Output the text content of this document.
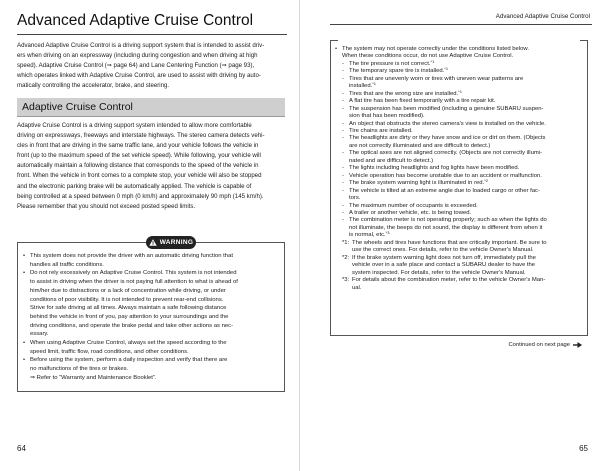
Advanced Adaptive Cruise Control

Advanced Adaptive Cruise Control is a driving support system that is intended to assist driv-
ers when driving on an expressway (including during congestion and when driving at high
speed). Adaptive Cruise Control (⇒ page 64) and Lane Centering Function (⇒ page 93),
which operates linked with Adaptive Cruise Control, are used to assist with driving by auto-
matically controlling the accelerator, brake, and steering.

Adaptive Cruise Control

Adaptive Cruise Control is a driving support system intended to allow more comfortable
driving on expressways, freeways and interstate highways. The stereo camera detects vehi-
cles in front that are driving in the same traffic lane, and your vehicle follows the vehicle in
front (up to the maximum speed of the set vehicle speed). While following, your vehicle will
automatically maintain a following distance that corresponds to the speed of the vehicle in
front. When the vehicle in front comes to a complete stop, your vehicle will also be stopped
and the electronic parking brake will be automatically applied. The vehicle is capable of
being controlled at a speed between 0 mph (0 km/h) and approximately 90 mph (145 km/h).
Please remember that you should not exceed posted speed limits.

WARNING
• This system does not provide the driver with an automatic driving function that
handles all traffic conditions.
• Do not rely excessively on Adaptive Cruise Control. This system is not intended
to assist in driving when the driver is not paying full attention to what is ahead of
him/her due to distractions or a lack of concentration while driving, or under
conditions of poor visibility. It is not intended to prevent rear-end collisions.
Strive for safe driving at all times. Always maintain a safe following distance
behind the vehicle in front of you, pay attention to your surroundings and the
driving conditions, and operate the brake pedal and take other actions as nec-
essary.
• When using Adaptive Cruise Control, always set the speed according to the
speed limit, traffic flow, road conditions, and other conditions.
• Before using the system, perform a daily inspection and verify that there are
no malfunctions of the tires or brakes.
⇒ Refer to “Warranty and Maintenance Booklet”.
64
Advanced Adaptive Cruise Control

• The system may not operate correctly under the conditions listed below.
When these conditions occur, do not use Adaptive Cruise Control.

- The tire pressure is not correct.$^{*1}$
- The temporary spare tire is installed.$^{*1}$
- Tires that are unevenly worn or tires with uneven wear patterns are
installed.$^{*1}$
- Tires that are the wrong size are installed.$^{*1}$
- A flat tire has been fixed temporarily with a tire repair kit.
- The suspension has been modified (including a genuine SUBARU suspen-
sion that has been modified).
- An object that obstructs the stereo camera's view is installed on the vehicle.
- Tire chains are installed.
- The headlights are dirty or they have snow and ice or dirt on them. (Objects
are not correctly illuminated and are difficult to detect.)
- The optical axes are not aligned correctly. (Objects are not correctly illumi-
nated and are difficult to detect.)
- The lights including headlights and fog lights have been modified.
- Vehicle operation has become unstable due to an accident or malfunction.
- The brake system warning light is illuminated in red.$^{*2}$
- The vehicle is tilted at an extreme angle due to loaded cargo or other fac-
tors.
- The maximum number of occupants is exceeded.
- A trailer or another vehicle, etc. is being towed.
- The combination meter is not operating properly; such as when the lights do
not illuminate, the beeps do not sound, the display is different from when it
is normal, etc.$^{*3}$
*1: The wheels and tires have functions that are critically important. Be sure to
use the correct ones. For details, refer to the vehicle Owner's Manual.
*2: If the brake system warning light does not turn off, immediately pull the
vehicle over in a safe place and contact a SUBARU dealer to have the
system inspected. For details, refer to the vehicle Owner's Manual.
*3: For details about the combination meter, refer to the vehicle Owner's Man-
ual.
Continued on next page
65
